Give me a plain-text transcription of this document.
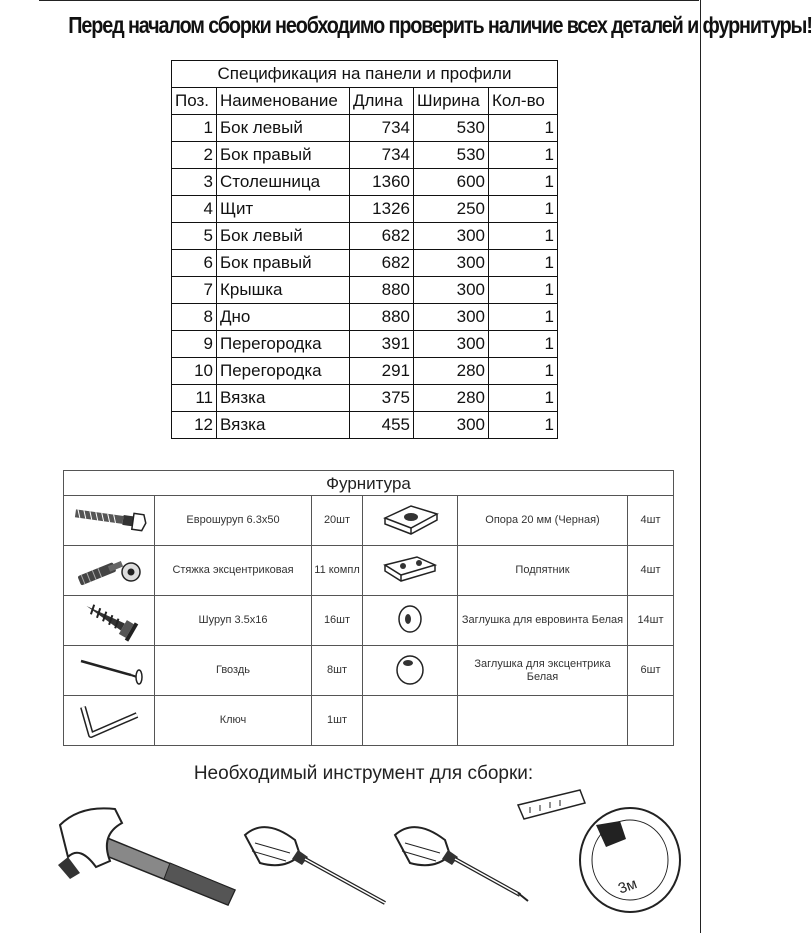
Перед началом сборки необходимо проверить наличие всех деталей и фурнитуры!
Спецификация на панели и профили				
Поз.	Наименование	Длина	Ширина	Кол-во
1	Бок левый	734	530	1
2	Бок правый	734	530	1
3	Столешница	1360	600	1
4	Щит	1326	250	1
5	Бок левый	682	300	1
6	Бок правый	682	300	1
7	Крышка	880	300	1
8	Дно	880	300	1
9	Перегородка	391	300	1
10	Перегородка	291	280	1
11	Вязка	375	280	1
12	Вязка	455	300	1
Фурнитура					
	Еврошуруп 6.3x50	20шт		Опора 20 мм (Черная)	4шт
	Стяжка эксцентриковая	11 компл		Подпятник	4шт
	Шуруп 3.5x16	16шт		Заглушка для евровинта Белая	14шт
	Гвоздь	8шт		Заглушка для эксцентрика Белая	6шт
	Ключ	1шт			
Необходимый инструмент для сборки:
3м
